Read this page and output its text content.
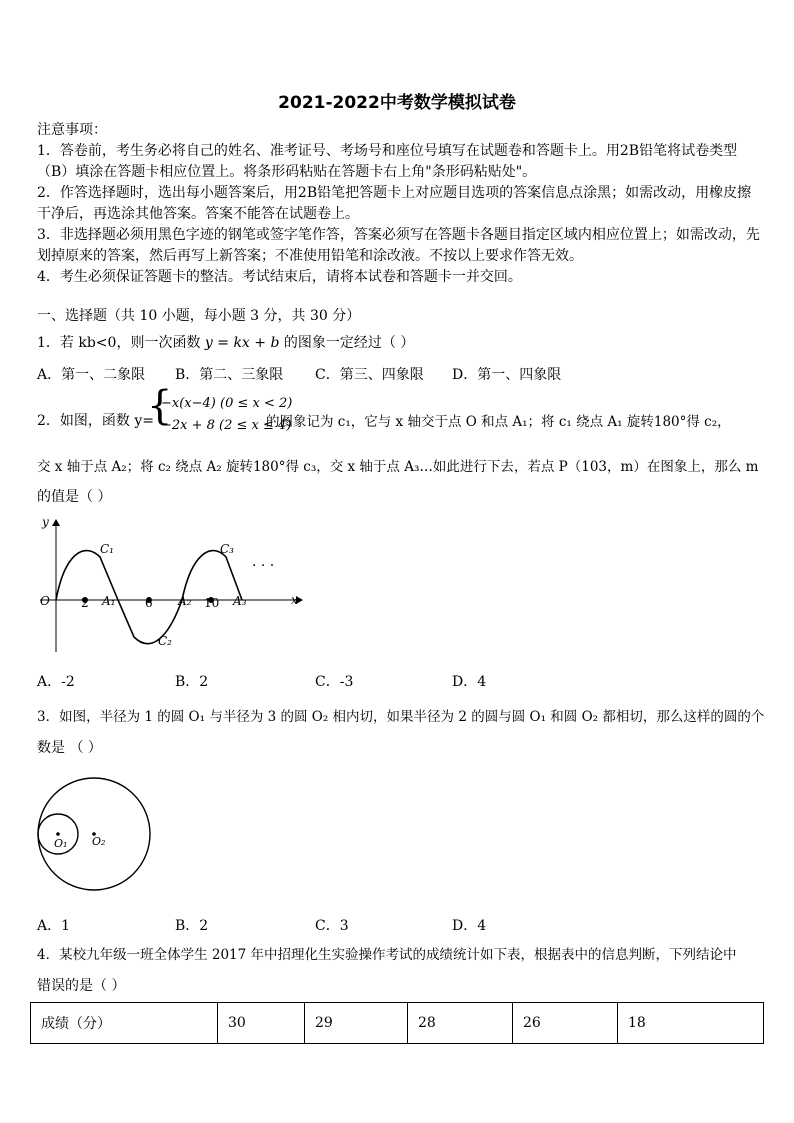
2021-2022中考数学模拟试卷
注意事项：
1．答卷前，考生务必将自己的姓名、准考证号、考场号和座位号填写在试题卷和答题卡上。用2B铅笔将试卷类型
（B）填涂在答题卡相应位置上。将条形码粘贴在答题卡右上角"条形码粘贴处"。
2．作答选择题时，选出每小题答案后，用2B铅笔把答题卡上对应题目选项的答案信息点涂黑；如需改动，用橡皮擦
干净后，再选涂其他答案。答案不能答在试题卷上。
3．非选择题必须用黑色字迹的钢笔或签字笔作答，答案必须写在答题卡各题目指定区域内相应位置上；如需改动，先
划掉原来的答案，然后再写上新答案；不准使用铅笔和涂改液。不按以上要求作答无效。
4．考生必须保证答题卡的整洁。考试结束后，请将本试卷和答题卡一并交回。
一、选择题（共 10 小题，每小题 3 分，共 30 分）
1．若 kb<0，则一次函数 y = kx + b 的图象一定经过（ ）
A．第一、二象限 B．第二、三象限 C．第三、四象限 D．第一、四象限
2．如图，函数 y=
{
−x(x−4) (0 ≤ x < 2)
−2x + 8 (2 ≤ x ≤ 4)
的图象记为 c₁，它与 x 轴交于点 O 和点 A₁；将 c₁ 绕点 A₁ 旋转180°得 c₂，
交 x 轴于点 A₂；将 c₂ 绕点 A₂ 旋转180°得 c₃，交 x 轴于点 A₃…如此进行下去，若点 P（103，m）在图象上，那么 m
的值是（ ）
y
x
O	2	6	10
A₁	A₂	A₃
C₁
C₂
C₃
· · ·
A．-2	B．2	C．-3	D．4
3．如图，半径为 1 的圆 O₁ 与半径为 3 的圆 O₂ 相内切，如果半径为 2 的圆与圆 O₁ 和圆 O₂ 都相切，那么这样的圆的个
数是 （ ）
O₁ O₂
A．1	B．2	C．3	D．4
4．某校九年级一班全体学生 2017 年中招理化生实验操作考试的成绩统计如下表，根据表中的信息判断，下列结论中
错误的是（ ）
成绩（分）	30	29	28	26	18
